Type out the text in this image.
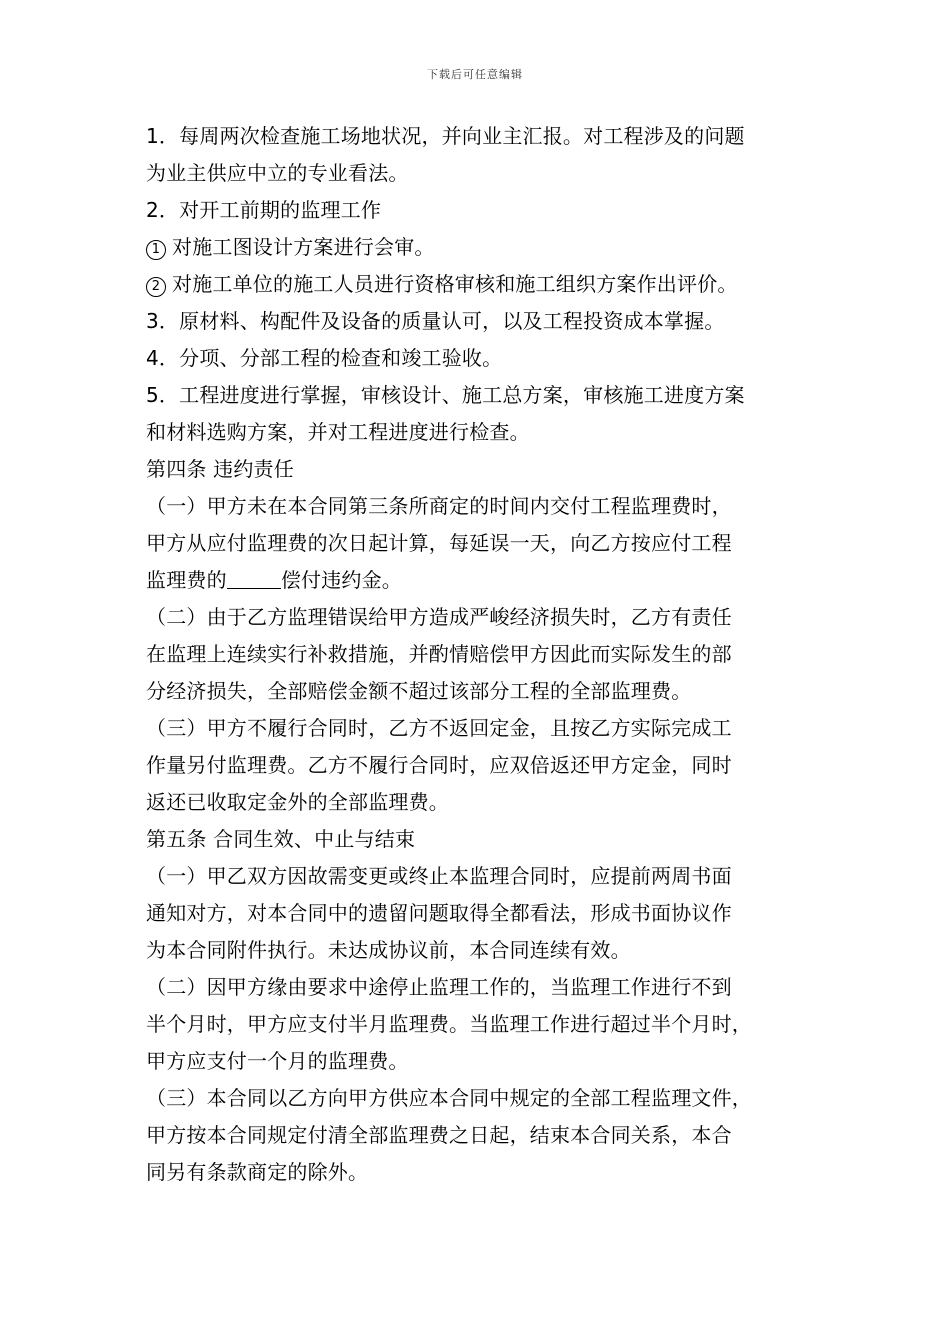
下载后可任意编辑
1．每周两次检查施工场地状况，并向业主汇报。对工程涉及的问题
为业主供应中立的专业看法。
2．对开工前期的监理工作
1 对施工图设计方案进行会审。
2 对施工单位的施工人员进行资格审核和施工组织方案作出评价。
3．原材料、构配件及设备的质量认可，以及工程投资成本掌握。
4．分项、分部工程的检查和竣工验收。
5．工程进度进行掌握，审核设计、施工总方案，审核施工进度方案
和材料选购方案，并对工程进度进行检查。
第四条 违约责任
（一）甲方未在本合同第三条所商定的时间内交付工程监理费时，
甲方从应付监理费的次日起计算，每延误一天，向乙方按应付工程
监理费的	偿付违约金。
（二）由于乙方监理错误给甲方造成严峻经济损失时，乙方有责任
在监理上连续实行补救措施，并酌情赔偿甲方因此而实际发生的部
分经济损失，全部赔偿金额不超过该部分工程的全部监理费。
（三）甲方不履行合同时，乙方不返回定金，且按乙方实际完成工
作量另付监理费。乙方不履行合同时，应双倍返还甲方定金，同时
返还已收取定金外的全部监理费。
第五条 合同生效、中止与结束
（一）甲乙双方因故需变更或终止本监理合同时，应提前两周书面
通知对方，对本合同中的遗留问题取得全都看法，形成书面协议作
为本合同附件执行。未达成协议前，本合同连续有效。
（二）因甲方缘由要求中途停止监理工作的，当监理工作进行不到
半个月时，甲方应支付半月监理费。当监理工作进行超过半个月时，
甲方应支付一个月的监理费。
（三）本合同以乙方向甲方供应本合同中规定的全部工程监理文件，
甲方按本合同规定付清全部监理费之日起，结束本合同关系，本合
同另有条款商定的除外。
